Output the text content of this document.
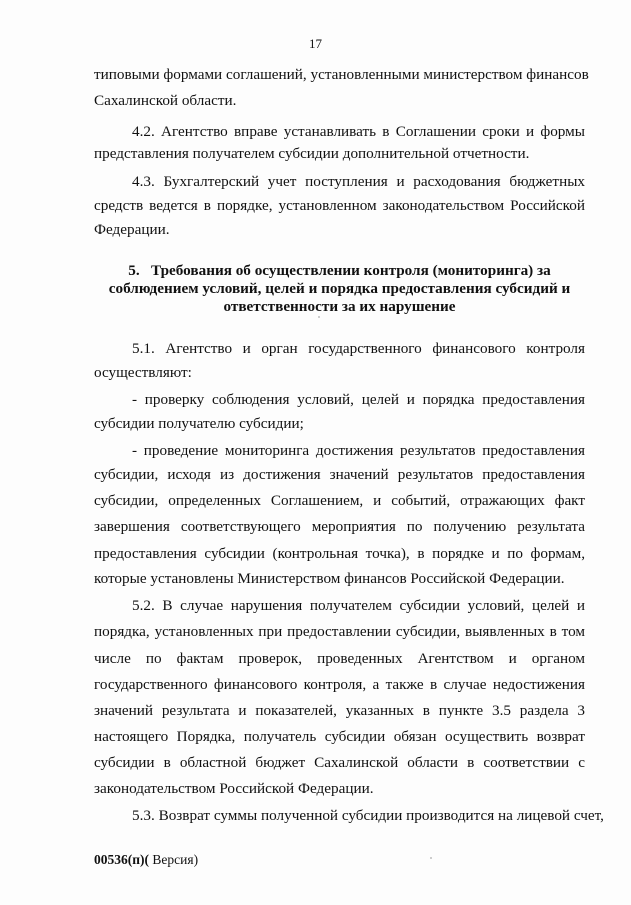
17
типовыми формами соглашений, установленными министерством финансов
Сахалинской области.
4.2. Агентство вправе устанавливать в Соглашении сроки и формы
представления получателем субсидии дополнительной отчетности.
4.3. Бухгалтерский учет поступления и расходования бюджетных
средств ведется в порядке, установленном законодательством Российской
Федерации.
5.   Требования об осуществлении контроля (мониторинга) за
соблюдением условий, целей и порядка предоставления субсидий и
ответственности за их нарушение
5.1. Агентство и орган государственного финансового контроля
осуществляют:
- проверку соблюдения условий, целей и порядка предоставления
субсидии получателю субсидии;
- проведение мониторинга достижения результатов предоставления
субсидии, исходя из достижения значений результатов предоставления
субсидии, определенных Соглашением, и событий, отражающих факт
завершения соответствующего мероприятия по получению результата
предоставления субсидии (контрольная точка), в порядке и по формам,
которые установлены Министерством финансов Российской Федерации.
5.2. В случае нарушения получателем субсидии условий, целей и
порядка, установленных при предоставлении субсидии, выявленных в том
числе по фактам проверок, проведенных Агентством и органом
государственного финансового контроля, а также в случае недостижения
значений результата и показателей, указанных в пункте 3.5 раздела 3
настоящего Порядка, получатель субсидии обязан осуществить возврат
субсидии в областной бюджет Сахалинской области в соответствии с
законодательством Российской Федерации.
5.3. Возврат суммы полученной субсидии производится на лицевой счет,
00536(п)( Версия)
